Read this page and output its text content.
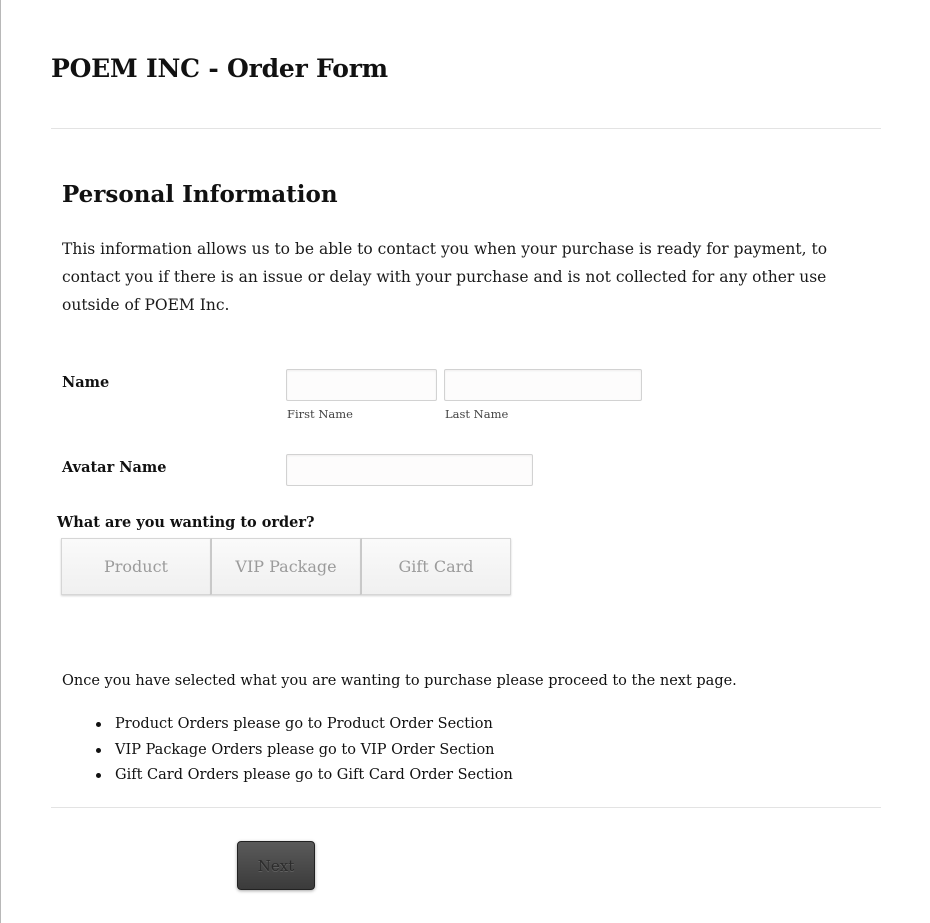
POEM INC - Order Form
Personal Information

This information allows us to be able to contact you when your purchase is ready for payment, to contact you if there is an issue or delay with your purchase and is not collected for any other use outside of POEM Inc.

Name
First Name	Last Name
Avatar Name

What are you wanting to order?

Product	VIP Package	Gift Card

Once you have selected what you are wanting to purchase please proceed to the next page.

Product Orders please go to Product Order Section
VIP Package Orders please go to VIP Order Section
Gift Card Orders please go to Gift Card Order Section
Next
